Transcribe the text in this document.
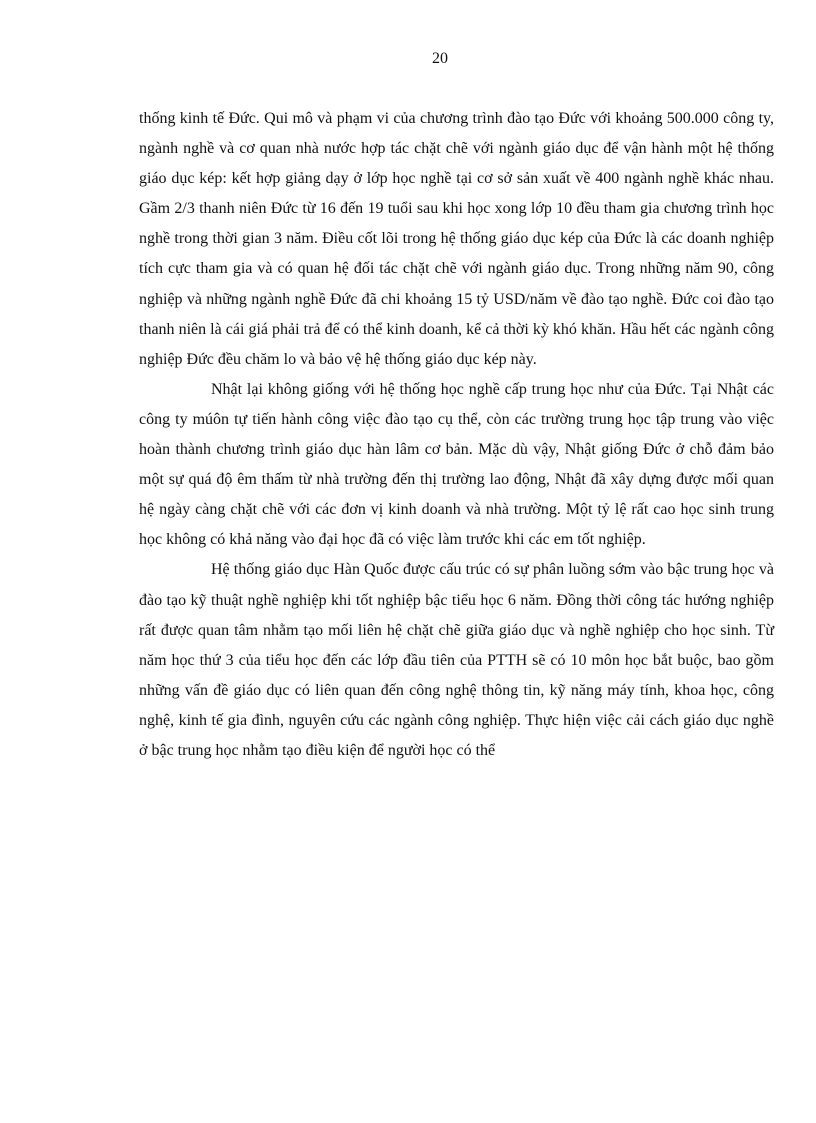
20

thống kinh tế Đức. Qui mô và phạm vi của chương trình đào tạo Đức với khoảng 500.000 công ty, ngành nghề và cơ quan nhà nước hợp tác chặt chẽ với ngành giáo dục để vận hành một hệ thống giáo dục kép: kết hợp giảng dạy ở lớp học nghề tại cơ sở sản xuất về 400 ngành nghề khác nhau. Gầm 2/3 thanh niên Đức từ 16 đến 19 tuổi sau khi học xong lớp 10 đều tham gia chương trình học nghề trong thời gian 3 năm. Điều cốt lõi trong hệ thống giáo dục kép của Đức là các doanh nghiệp tích cực tham gia và có quan hệ đối tác chặt chẽ với ngành giáo dục. Trong những năm 90, công nghiệp và những ngành nghề Đức đã chi khoảng 15 tỷ USD/năm về đào tạo nghề. Đức coi đào tạo thanh niên là cái giá phải trả để có thể kinh doanh, kể cả thời kỳ khó khăn. Hầu hết các ngành công nghiệp Đức đều chăm lo và bảo vệ hệ thống giáo dục kép này.

Nhật lại không giống với hệ thống học nghề cấp trung học như của Đức. Tại Nhật các công ty múôn tự tiến hành công việc đào tạo cụ thể, còn các trường trung học tập trung vào việc hoàn thành chương trình giáo dục hàn lâm cơ bản. Mặc dù vậy, Nhật giống Đức ở chỗ đảm bảo một sự quá độ êm thấm từ nhà trường đến thị trường lao động, Nhật đã xây dựng được mối quan hệ ngày càng chặt chẽ với các đơn vị kinh doanh và nhà trường. Một tỷ lệ rất cao học sinh trung học không có khả năng vào đại học đã có việc làm trước khi các em tốt nghiệp.

Hệ thống giáo dục Hàn Quốc được cấu trúc có sự phân luồng sớm vào bậc trung học và đào tạo kỹ thuật nghề nghiệp khi tốt nghiệp bậc tiểu học 6 năm. Đồng thời công tác hướng nghiệp rất được quan tâm nhằm tạo mối liên hệ chặt chẽ giữa giáo dục và nghề nghiệp cho học sinh. Từ năm học thứ 3 của tiểu học đến các lớp đầu tiên của PTTH sẽ có 10 môn học bắt buộc, bao gồm những vấn đề giáo dục có liên quan đến công nghệ thông tin, kỹ năng máy tính, khoa học, công nghệ, kinh tế gia đình, nguyên cứu các ngành công nghiệp. Thực hiện việc cải cách giáo dục nghề ở bậc trung học nhằm tạo điều kiện để người học có thể
